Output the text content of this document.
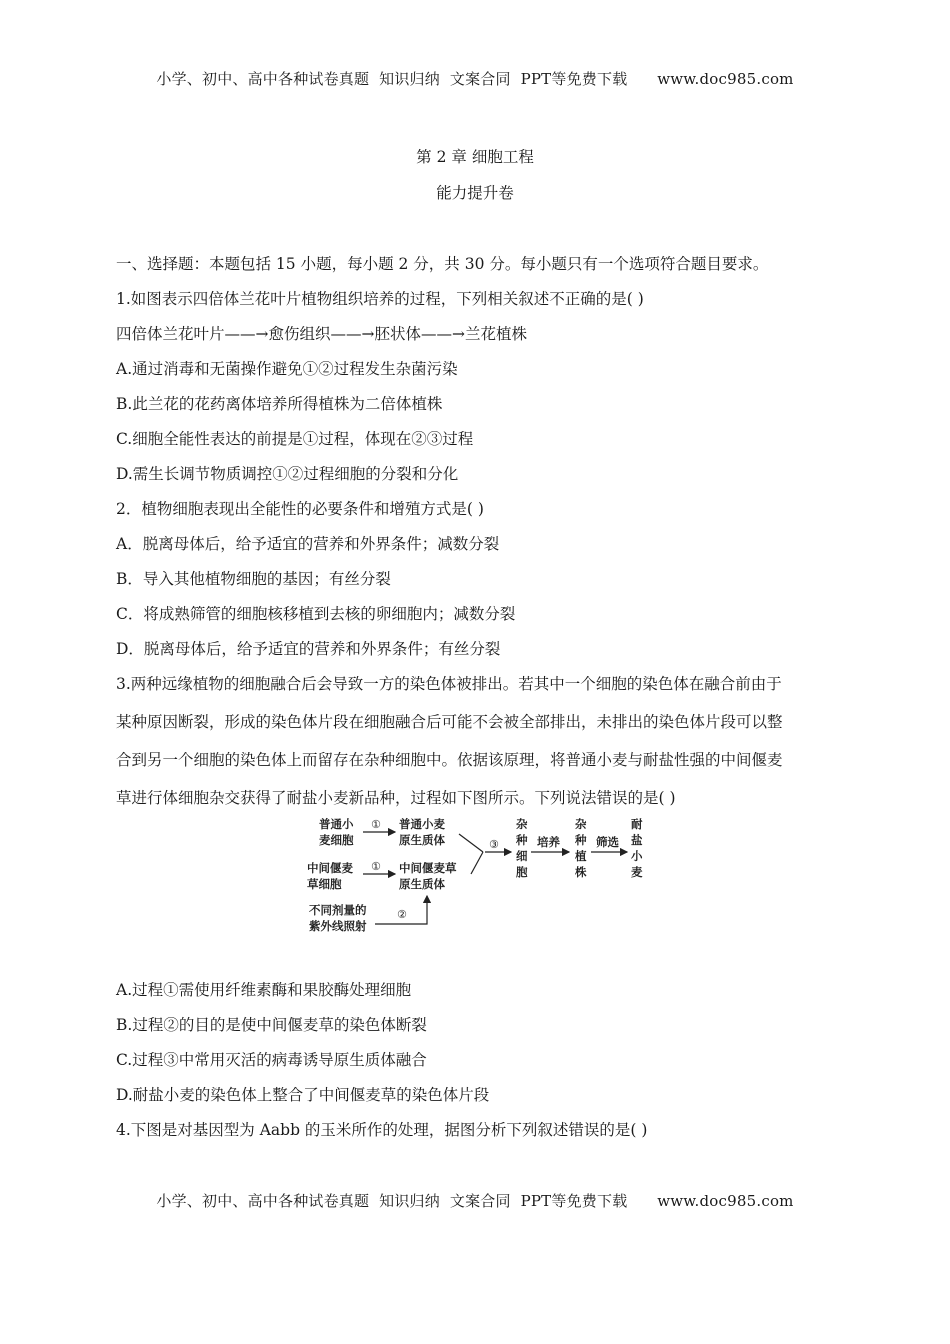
小学、初中、高中各种试卷真题  知识归纳  文案合同  PPT等免费下载      www.doc985.com
第 2 章 细胞工程
能力提升卷
一、选择题：本题包括 15 小题，每小题 2 分，共 30 分。每小题只有一个选项符合题目要求。
1.如图表示四倍体兰花叶片植物组织培养的过程，下列相关叙述不正确的是( )
四倍体兰花叶片——→愈伤组织——→胚状体——→兰花植株
A.通过消毒和无菌操作避免①②过程发生杂菌污染
B.此兰花的花药离体培养所得植株为二倍体植株
C.细胞全能性表达的前提是①过程，体现在②③过程
D.需生长调节物质调控①②过程细胞的分裂和分化
2．植物细胞表现出全能性的必要条件和增殖方式是( )
A．脱离母体后，给予适宜的营养和外界条件；减数分裂
B．导入其他植物细胞的基因；有丝分裂
C．将成熟筛管的细胞核移植到去核的卵细胞内；减数分裂
D．脱离母体后，给予适宜的营养和外界条件；有丝分裂
3.两种远缘植物的细胞融合后会导致一方的染色体被排出。若其中一个细胞的染色体在融合前由于
某种原因断裂，形成的染色体片段在细胞融合后可能不会被全部排出，未排出的染色体片段可以整
合到另一个细胞的染色体上而留存在杂种细胞中。依据该原理，将普通小麦与耐盐性强的中间偃麦
草进行体细胞杂交获得了耐盐小麦新品种，过程如下图所示。下列说法错误的是( )
普通小
麦细胞
① 普通小麦
原生质体
中间偃麦
草细胞
① 中间偃麦草
原生质体
不同剂量的
紫外线照射
②
③
杂
种
细
胞
培养
杂
种
植
株
筛选
耐
盐
小
麦
A.过程①需使用纤维素酶和果胶酶处理细胞
B.过程②的目的是使中间偃麦草的染色体断裂
C.过程③中常用灭活的病毒诱导原生质体融合
D.耐盐小麦的染色体上整合了中间偃麦草的染色体片段
4.下图是对基因型为 Aabb 的玉米所作的处理，据图分析下列叙述错误的是( )
小学、初中、高中各种试卷真题  知识归纳  文案合同  PPT等免费下载      www.doc985.com
